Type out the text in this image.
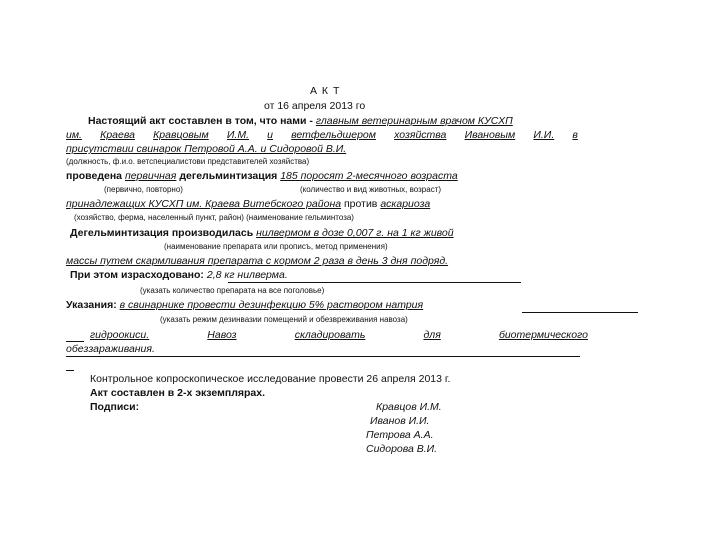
А К Т
от 16 апреля 2013 го
Настоящий акт составлен в том, что нами - главным ветеринарным врачом КУСХП
им. Краева Кравцовым И.М. и ветфельдшером хозяйства Ивановым И.И. в
присутствии свинарок Петровой А.А. и Сидоровой В.И.
(должность, ф.и.о. ветспециалистови представителей хозяйства)
проведена первичная дегельминтизация 185 поросят 2-месячного возраста
(первично, повторно)	(количество и вид животных, возраст)
принадлежащих КУСХП им. Краева Витебского района против аскариоза
(хозяйство, ферма, населенный пункт, район) (наименование гельминтоза)
Дегельминтизация производилась нилвермом в дозе 0,007 г. на 1 кг живой
(наименование препарата или прописъ, метод применения)
массы путем скармливания препарата с кормом 2 раза в день 3 дня подряд.
При этом израсходовано: 2,8 кг нилверма.
(указать количество препарата на все поголовье)
Указания: в свинарнике провести дезинфекцию 5% раствором натрия
(указать режим дезинвазии помещений и обезвреживания навоза)
гидроокиси.	Навоз	складировать	для	биотермического
обеззараживания.
Контрольное копроскопическое исследование провести 26 апреля 2013 г.
Акт составлен в 2-х экземплярах.
Подписи:	Кравцов И.М.
Иванов И.И.
Петрова А.А.
Сидорова В.И.
